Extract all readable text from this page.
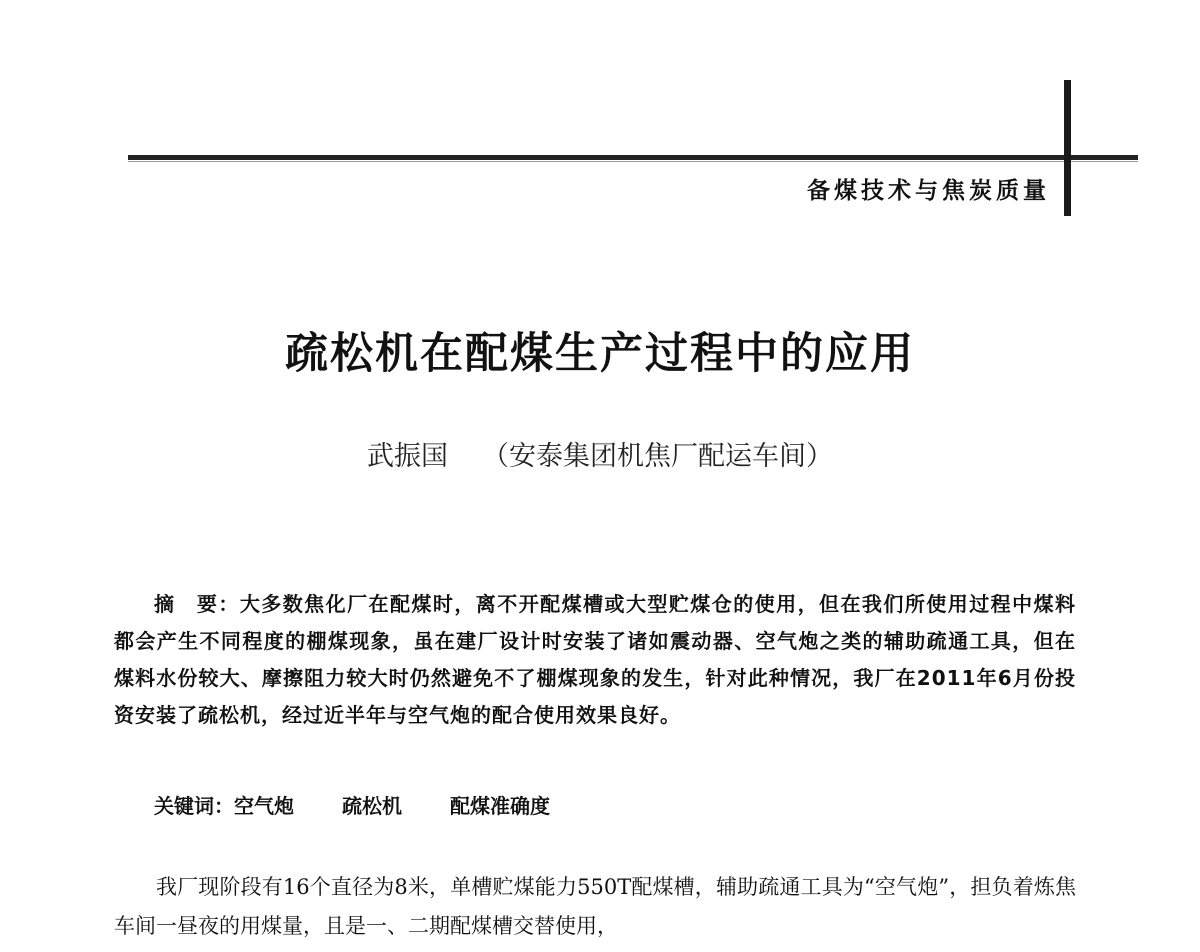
备煤技术与焦炭质量
疏松机在配煤生产过程中的应用
武振国 （安泰集团机焦厂配运车间）
摘　要：大多数焦化厂在配煤时，离不开配煤槽或大型贮煤仓的使用，但在我们所使用过程中煤料都会产生不同程度的棚煤现象，虽在建厂设计时安装了诸如震动器、空气炮之类的辅助疏通工具，但在煤料水份较大、摩擦阻力较大时仍然避免不了棚煤现象的发生，针对此种情况，我厂在2011年6月份投资安装了疏松机，经过近半年与空气炮的配合使用效果良好。
关键词：空气炮 疏松机 配煤准确度
我厂现阶段有16个直径为8米，单槽贮煤能力550T配煤槽，辅助疏通工具为“空气炮”，担负着炼焦车间一昼夜的用煤量，且是一、二期配煤槽交替使用，
